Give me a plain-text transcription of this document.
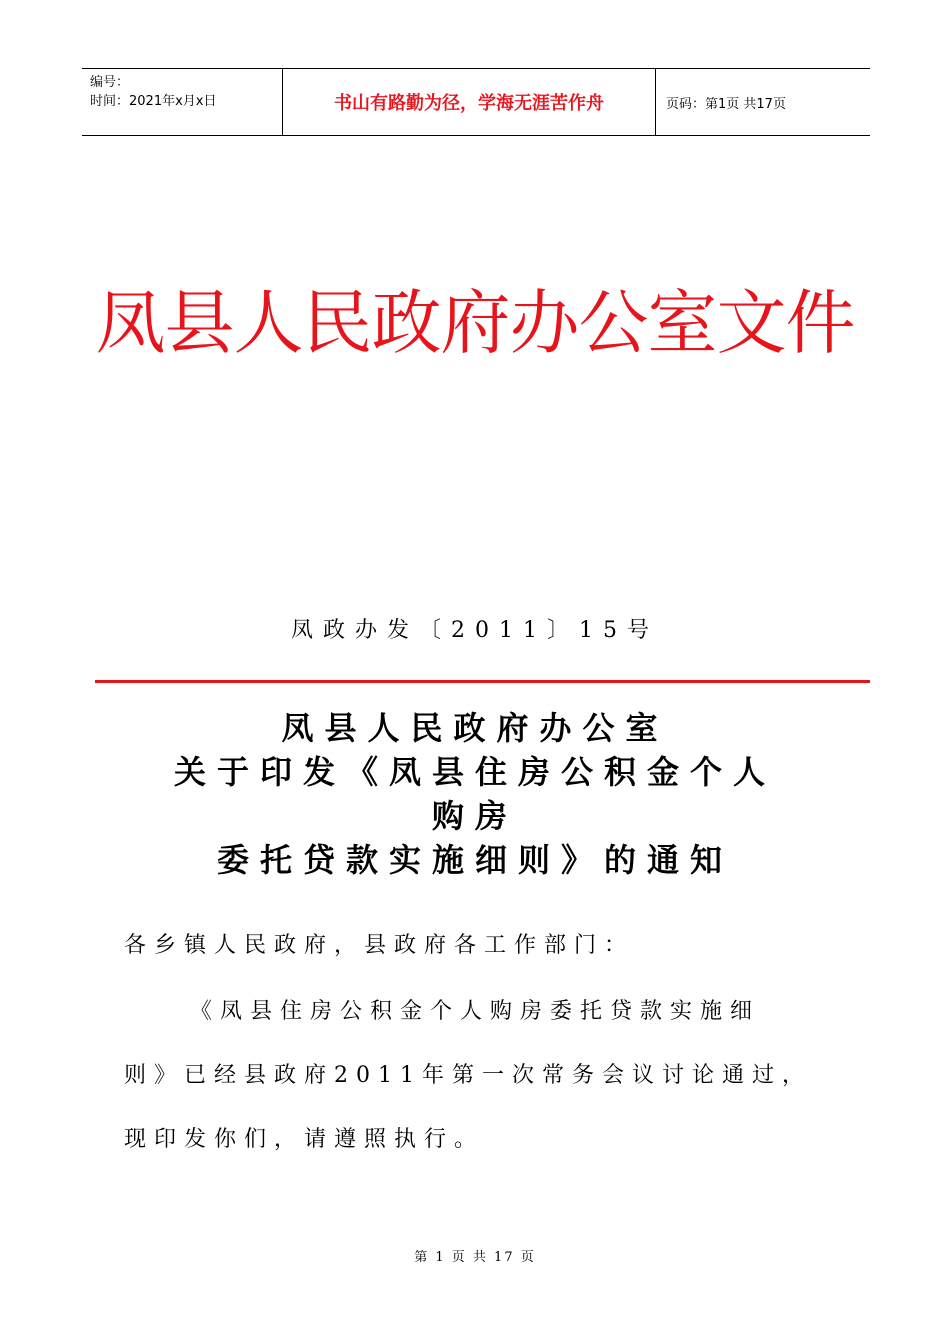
编号：
时间：2021年x月x日	书山有路勤为径，学海无涯苦作舟	页码：第1页 共17页
凤县人民政府办公室文件
凤政办发〔2011〕15号
凤县人民政府办公室
关于印发《凤县住房公积金个人
购房
委托贷款实施细则》的通知
各乡镇人民政府，县政府各工作部门：
《凤县住房公积金个人购房委托贷款实施细
则》已经县政府2011年第一次常务会议讨论通过，
现印发你们，请遵照执行。
第 1 页 共 17 页
